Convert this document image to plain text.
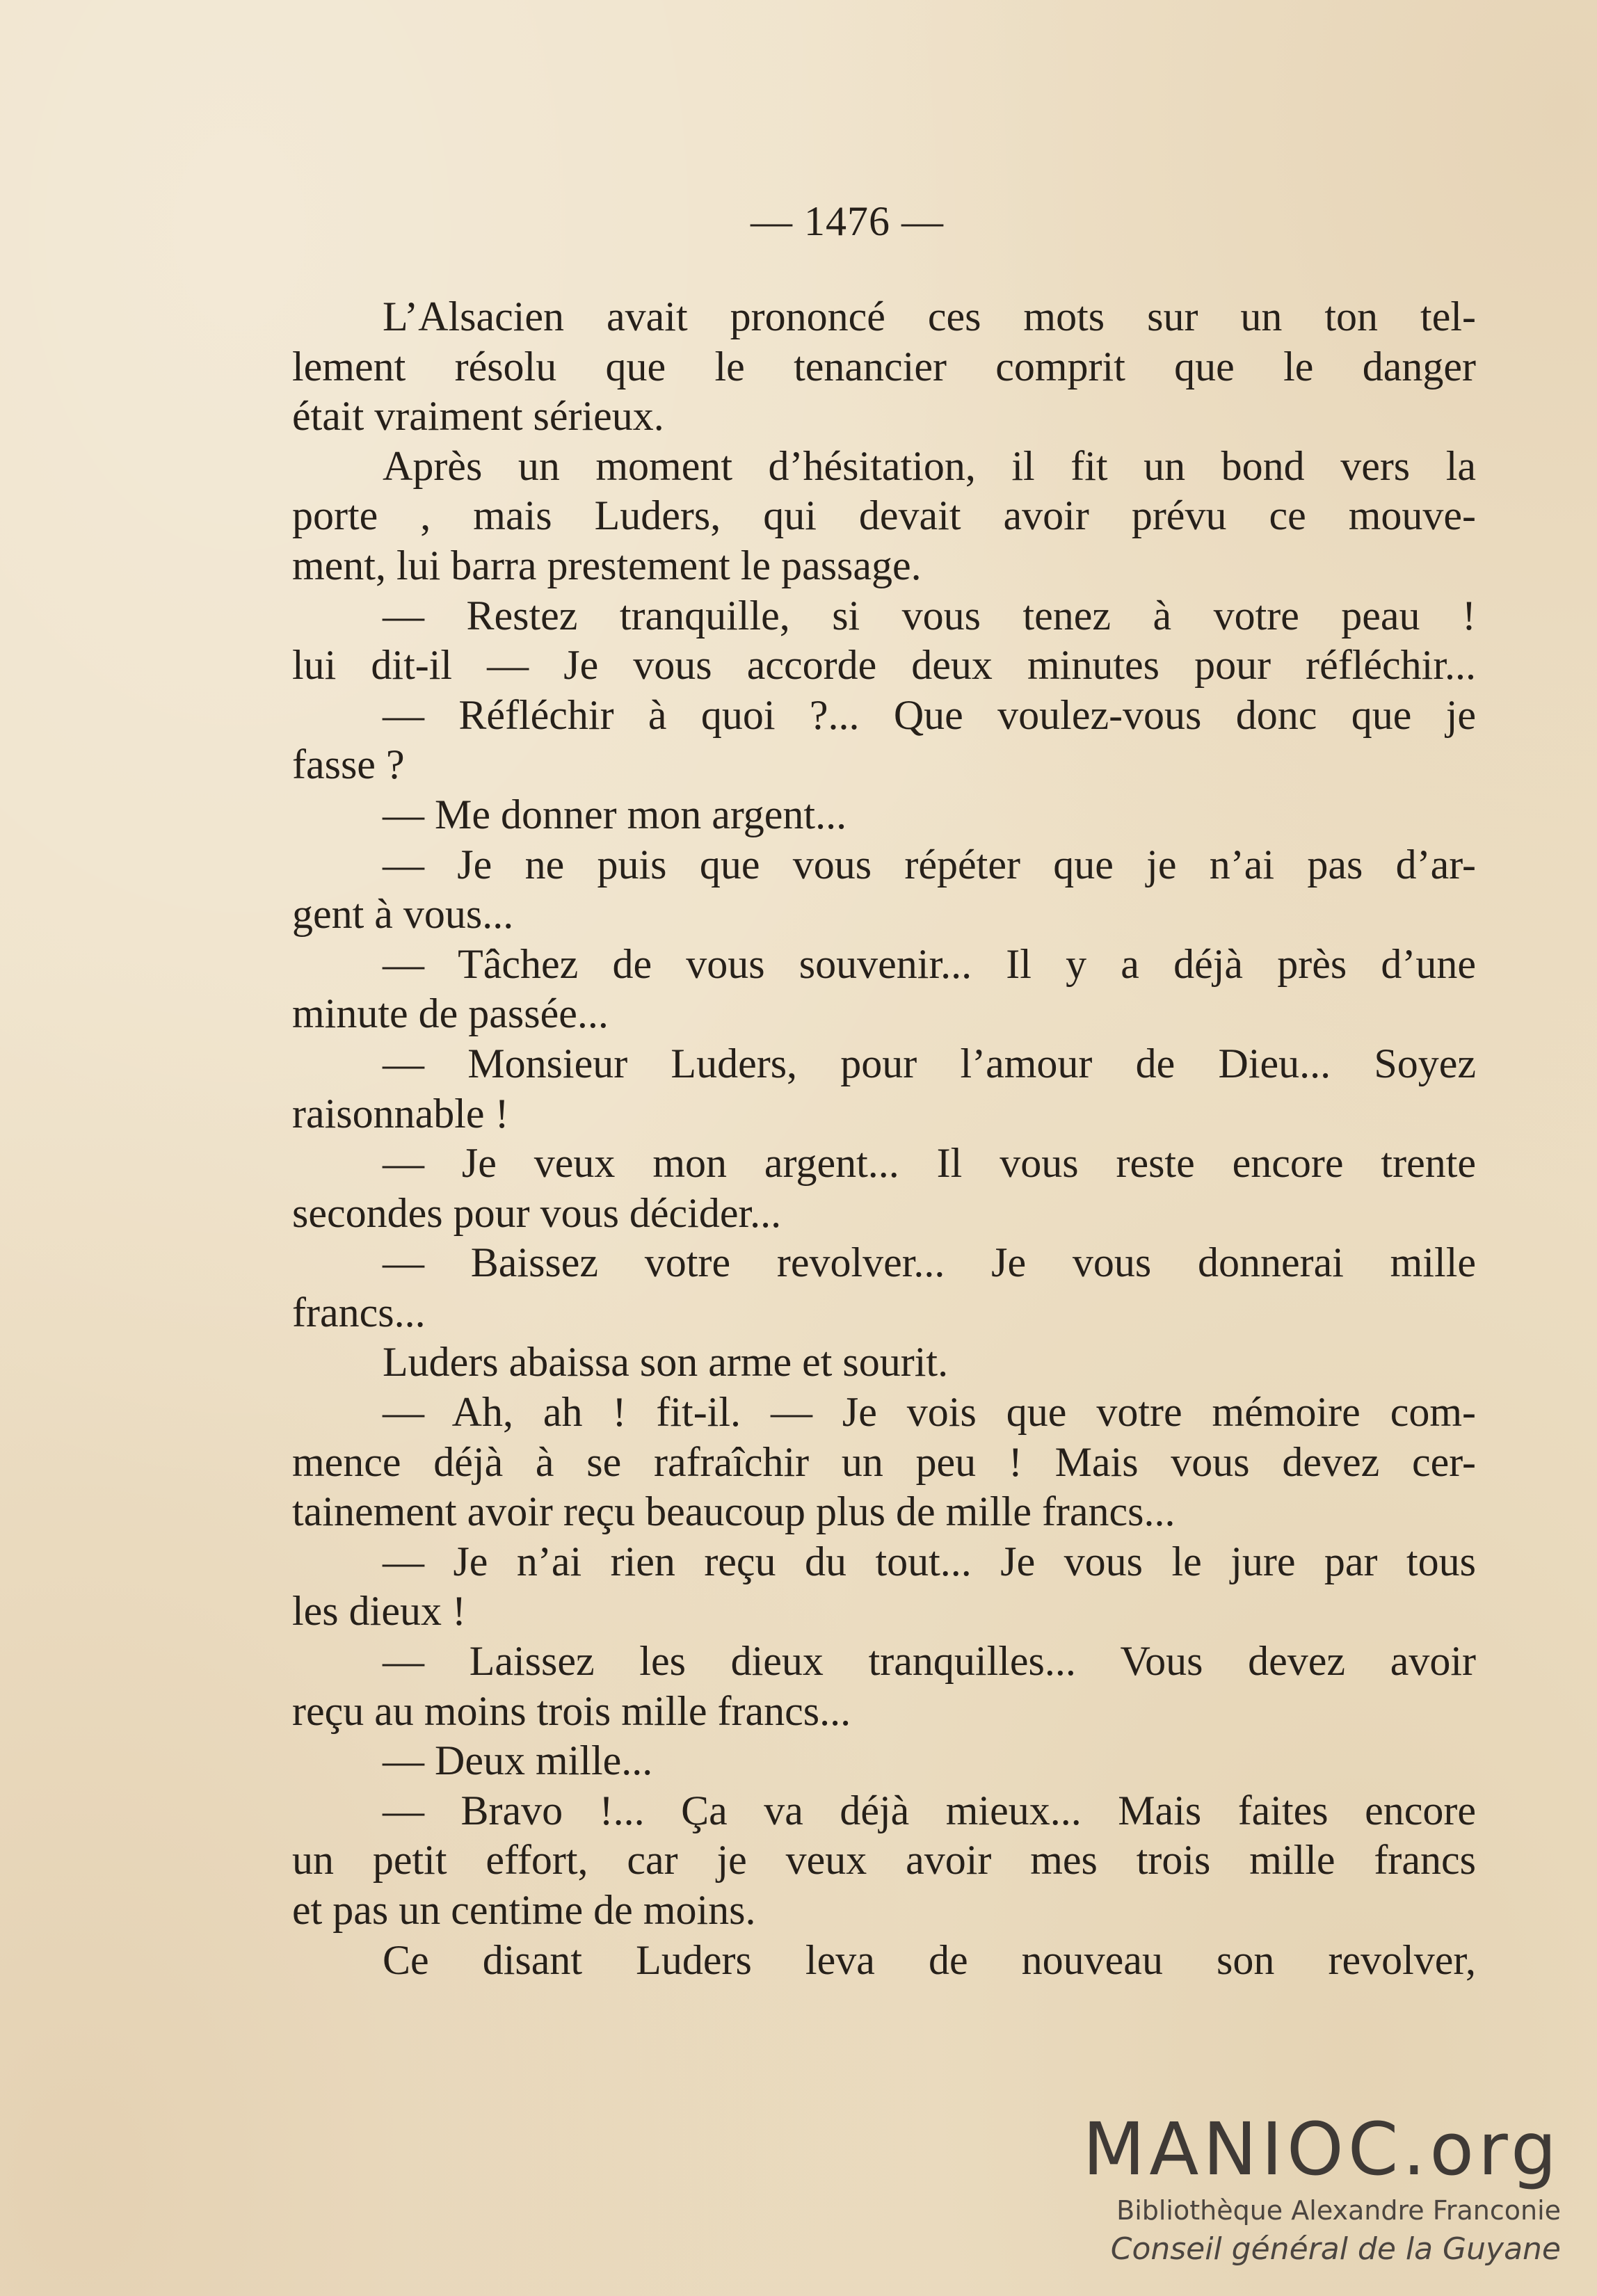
— 1476 —
L’Alsacien avait prononcé ces mots sur un ton tel-
lement résolu que le tenancier comprit que le danger
était vraiment sérieux.
Après un moment d’hésitation, il fit un bond vers la
porte , mais Luders, qui devait avoir prévu ce mouve-
ment, lui barra prestement le passage.
— Restez tranquille, si vous tenez à votre peau !
lui dit-il — Je vous accorde deux minutes pour réfléchir...
— Réfléchir à quoi ?... Que voulez-vous donc que je
fasse ?
— Me donner mon argent...
— Je ne puis que vous répéter que je n’ai pas d’ar-
gent à vous...
— Tâchez de vous souvenir... Il y a déjà près d’une
minute de passée...
— Monsieur Luders, pour l’amour de Dieu... Soyez
raisonnable !
— Je veux mon argent... Il vous reste encore trente
secondes pour vous décider...
— Baissez votre revolver... Je vous donnerai mille
francs...
Luders abaissa son arme et sourit.
— Ah, ah ! fit-il. — Je vois que votre mémoire com-
mence déjà à se rafraîchir un peu ! Mais vous devez cer-
tainement avoir reçu beaucoup plus de mille francs...
— Je n’ai rien reçu du tout... Je vous le jure par tous
les dieux !
— Laissez les dieux tranquilles... Vous devez avoir
reçu au moins trois mille francs...
— Deux mille...
— Bravo !... Ça va déjà mieux... Mais faites encore
un petit effort, car je veux avoir mes trois mille francs
et pas un centime de moins.
Ce disant Luders leva de nouveau son revolver,
MANIOC.org
Bibliothèque Alexandre Franconie
Conseil général de la Guyane
